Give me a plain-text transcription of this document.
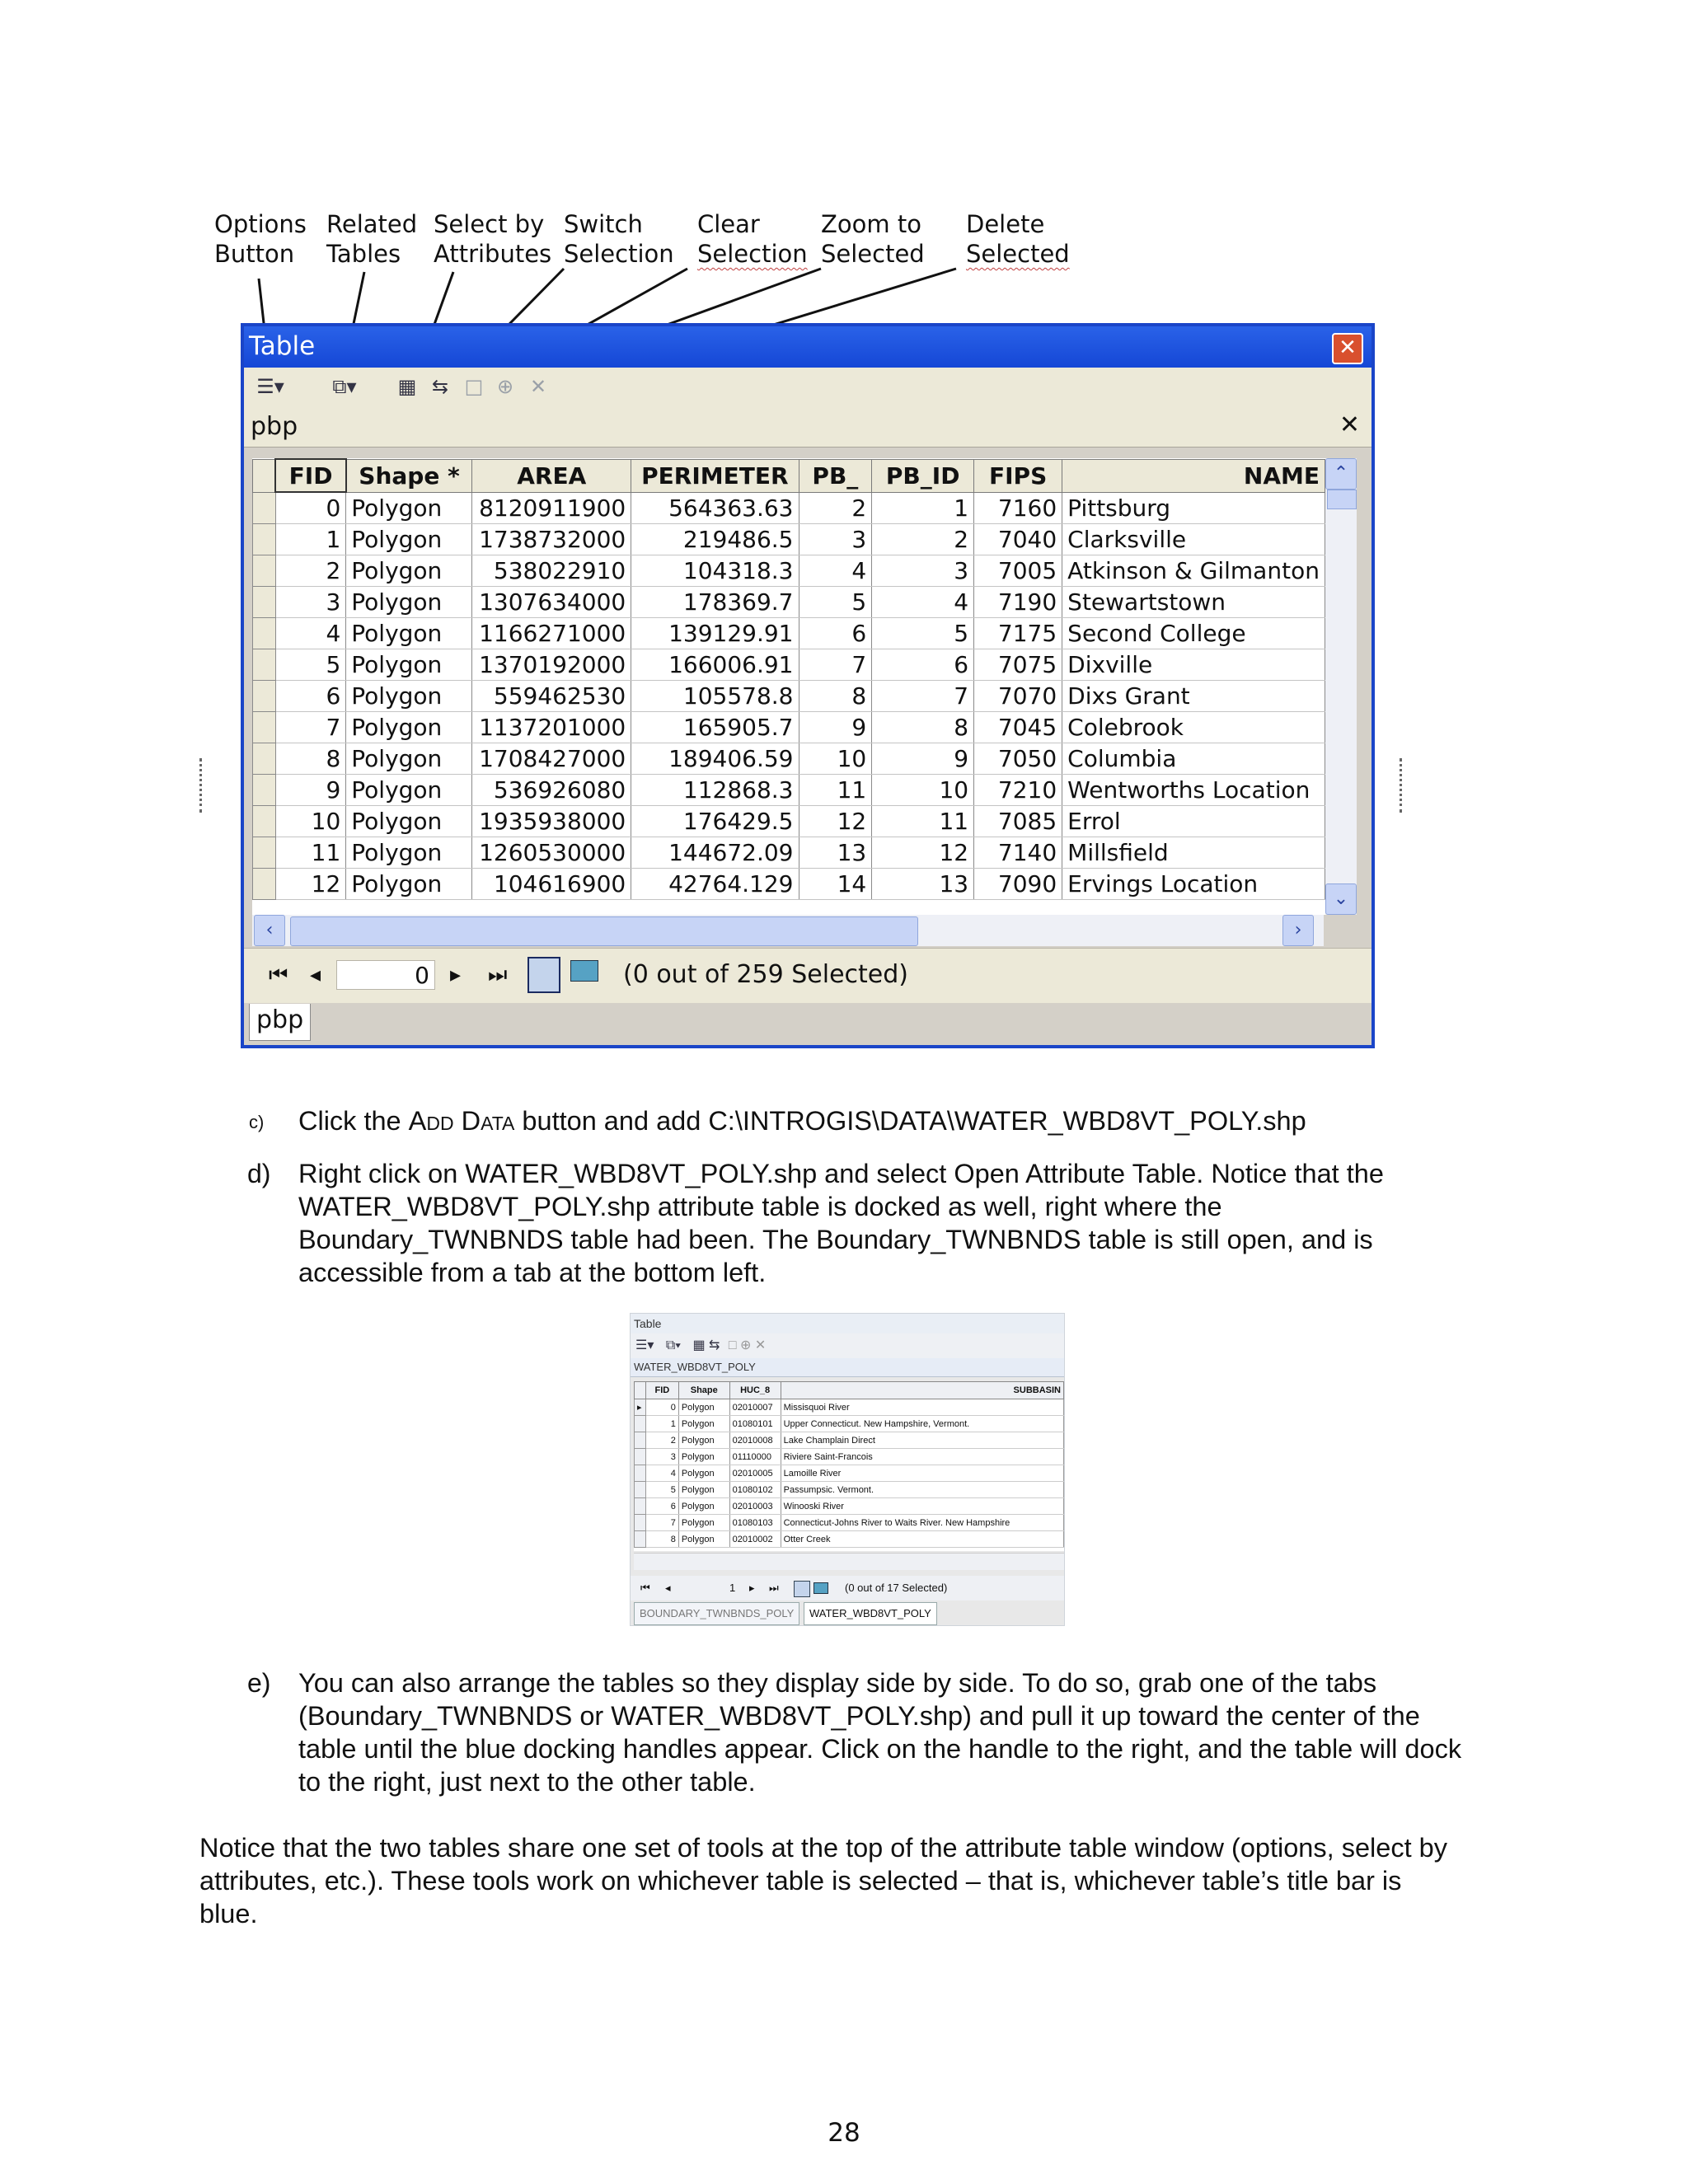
Options
Button
Related
Tables
Select by
Attributes
Switch
Selection
Clear
Selection
Zoom to
Selected
Delete
Selected
Table	✕
☰▾	⧉▾	▦ ⇆ □ ⊕ ✕
pbp	✕
	FID	Shape *	AREA	PERIMETER	PB_	PB_ID	FIPS	NAME
	0	Polygon	8120911900	564363.63	2	1	7160	Pittsburg
	1	Polygon	1738732000	219486.5	3	2	7040	Clarksville
	2	Polygon	538022910	104318.3	4	3	7005	Atkinson & Gilmanton
	3	Polygon	1307634000	178369.7	5	4	7190	Stewartstown
	4	Polygon	1166271000	139129.91	6	5	7175	Second College
	5	Polygon	1370192000	166006.91	7	6	7075	Dixville
	6	Polygon	559462530	105578.8	8	7	7070	Dixs Grant
	7	Polygon	1137201000	165905.7	9	8	7045	Colebrook
	8	Polygon	1708427000	189406.59	10	9	7050	Columbia
	9	Polygon	536926080	112868.3	11	10	7210	Wentworths Location
	10	Polygon	1935938000	176429.5	12	11	7085	Errol
	11	Polygon	1260530000	144672.09	13	12	7140	Millsfield
	12	Polygon	104616900	42764.129	14	13	7090	Ervings Location
⌃
⌄
‹	›
⏮ ◂	0 ▸ ⏭	(0 out of 259 Selected)
pbp
c) Click the Add Data button and add C:\INTROGIS\DATA\WATER_WBD8VT_POLY.shp
d) Right click on WATER_WBD8VT_POLY.shp and select Open Attribute Table. Notice that the
WATER_WBD8VT_POLY.shp attribute table is docked as well, right where the
Boundary_TWNBNDS table had been. The Boundary_TWNBNDS table is still open, and is
accessible from a tab at the bottom left.
Table
☰▾ ⧉▾ ▦ ⇆ □ ⊕ ✕
WATER_WBD8VT_POLY
	FID	Shape	HUC_8	SUBBASIN
▸	0	Polygon	02010007	Missisquoi River
	1	Polygon	01080101	Upper Connecticut. New Hampshire, Vermont.
	2	Polygon	02010008	Lake Champlain Direct
	3	Polygon	01110000	Riviere Saint-Francois
	4	Polygon	02010005	Lamoille River
	5	Polygon	01080102	Passumpsic. Vermont.
	6	Polygon	02010003	Winooski River
	7	Polygon	01080103	Connecticut-Johns River to Waits River. New Hampshire
	8	Polygon	02010002	Otter Creek
⏮ ◂	1 ▸ ⏭	(0 out of 17 Selected)
BOUNDARY_TWNBNDS_POLY	WATER_WBD8VT_POLY
e) You can also arrange the tables so they display side by side. To do so, grab one of the tabs
(Boundary_TWNBNDS or WATER_WBD8VT_POLY.shp) and pull it up toward the center of the
table until the blue docking handles appear. Click on the handle to the right, and the table will dock
to the right, just next to the other table.
Notice that the two tables share one set of tools at the top of the attribute table window (options, select by
attributes, etc.). These tools work on whichever table is selected – that is, whichever table’s title bar is
blue.
28
